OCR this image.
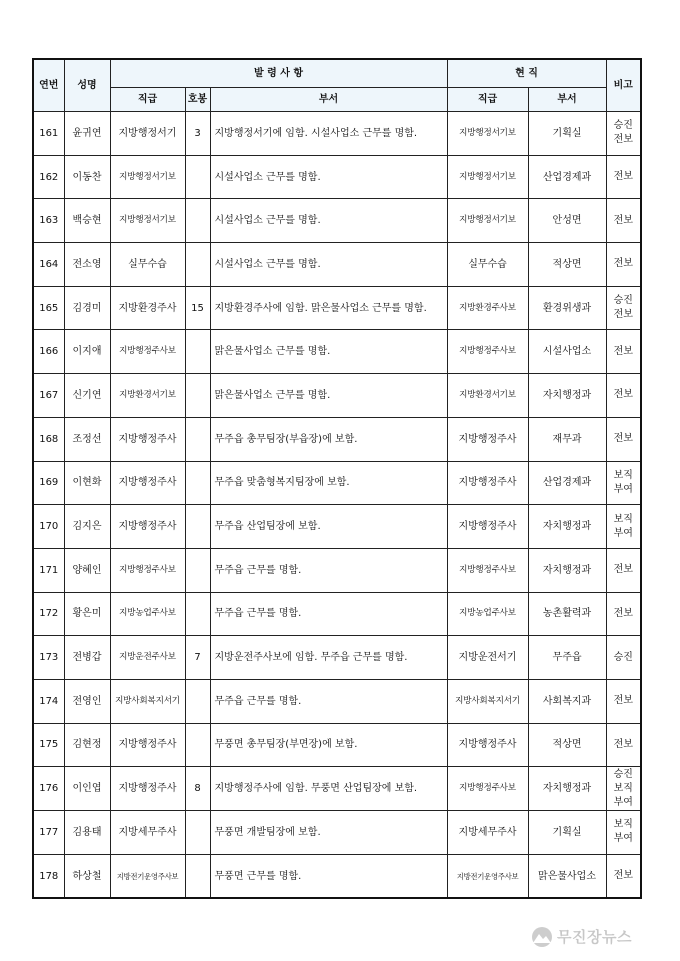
연번	성명	발 령 사 항			현 직		비고
		직급	호봉	부서	직급	부서	
161	윤귀연	지방행정서기	3	지방행정서기에 임함. 시설사업소 근무를 명함.	지방행정서기보	기획실	승진
전보
162	이동찬	지방행정서기보		시설사업소 근무를 명함.	지방행정서기보	산업경제과	전보
163	백승현	지방행정서기보		시설사업소 근무를 명함.	지방행정서기보	안성면	전보
164	전소영	실무수습		시설사업소 근무를 명함.	실무수습	적상면	전보
165	김경미	지방환경주사	15	지방환경주사에 임함. 맑은물사업소 근무를 명함.	지방환경주사보	환경위생과	승진
전보
166	이지애	지방행정주사보		맑은물사업소 근무를 명함.	지방행정주사보	시설사업소	전보
167	신기연	지방환경서기보		맑은물사업소 근무를 명함.	지방환경서기보	자치행정과	전보
168	조정선	지방행정주사		무주읍 총무팀장(부읍장)에 보함.	지방행정주사	재무과	전보
169	이현화	지방행정주사		무주읍 맞춤형복지팀장에 보함.	지방행정주사	산업경제과	보직
부여
170	김지은	지방행정주사		무주읍 산업팀장에 보함.	지방행정주사	자치행정과	보직
부여
171	양혜인	지방행정주사보		무주읍 근무를 명함.	지방행정주사보	자치행정과	전보
172	황은미	지방농업주사보		무주읍 근무를 명함.	지방농업주사보	농촌활력과	전보
173	전병갑	지방운전주사보	7	지방운전주사보에 임함. 무주읍 근무를 명함.	지방운전서기	무주읍	승진
174	전영인	지방사회복지서기		무주읍 근무를 명함.	지방사회복지서기	사회복지과	전보
175	김현정	지방행정주사		무풍면 총무팀장(부면장)에 보함.	지방행정주사	적상면	전보
176	이인엽	지방행정주사	8	지방행정주사에 임함. 무풍면 산업팀장에 보함.	지방행정주사보	자치행정과	승진
보직
부여
177	김용태	지방세무주사		무풍면 개발팀장에 보함.	지방세무주사	기획실	보직
부여
178	하상철	지방전기운영주사보		무풍면 근무를 명함.	지방전기운영주사보	맑은물사업소	전보
무진장뉴스
